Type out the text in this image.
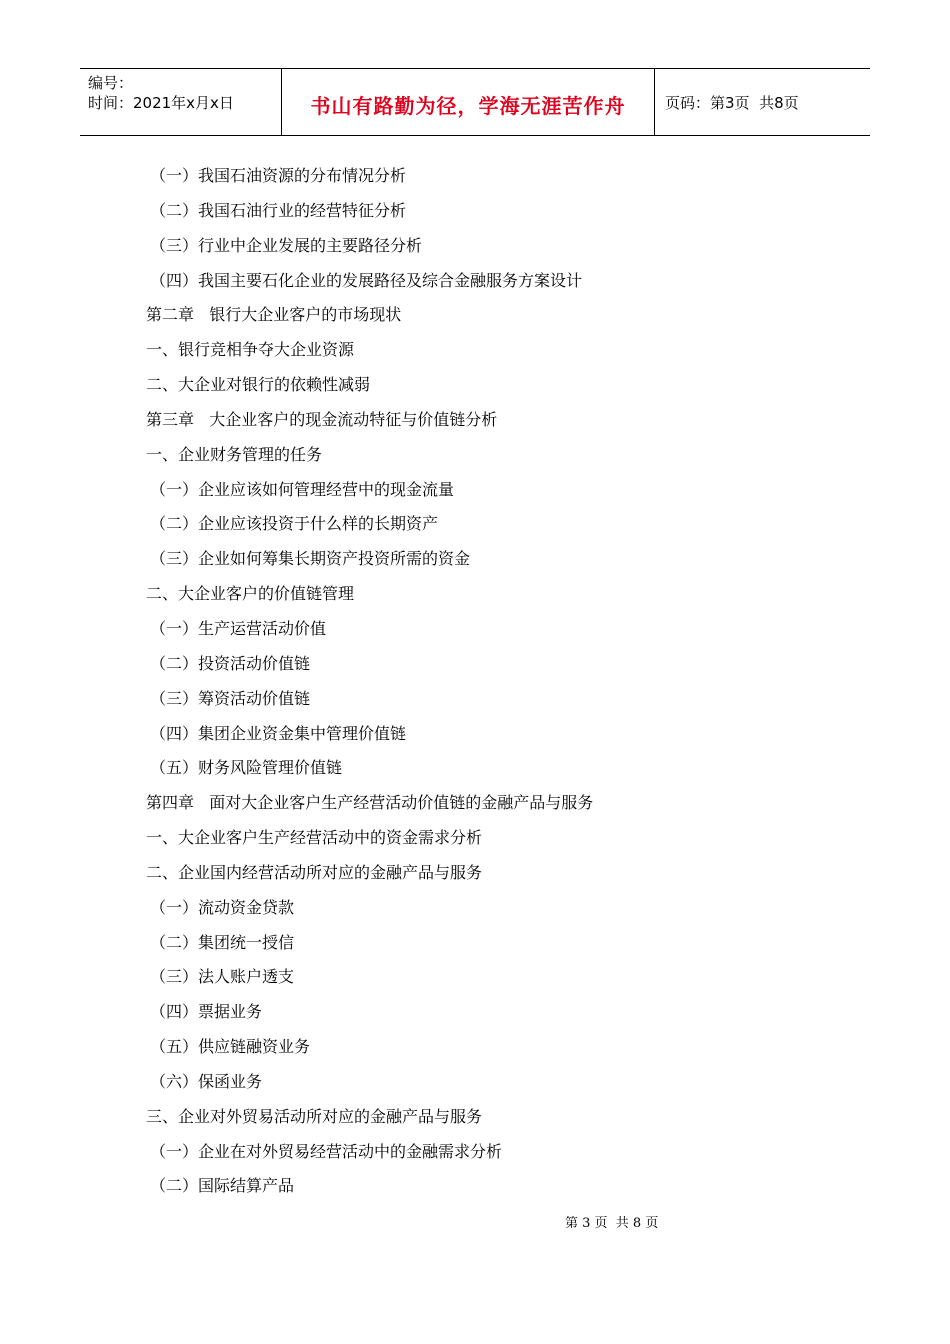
编号：
时间：2021年x月x日	书山有路勤为径，学海无涯苦作舟	页码：第3页  共8页
（一）我国石油资源的分布情况分析
（二）我国石油行业的经营特征分析
（三）行业中企业发展的主要路径分析
（四）我国主要石化企业的发展路径及综合金融服务方案设计
第二章   银行大企业客户的市场现状
一、银行竞相争夺大企业资源
二、大企业对银行的依赖性减弱
第三章   大企业客户的现金流动特征与价值链分析
一、企业财务管理的任务
（一）企业应该如何管理经营中的现金流量
（二）企业应该投资于什么样的长期资产
（三）企业如何筹集长期资产投资所需的资金
二、大企业客户的价值链管理
（一）生产运营活动价值
（二）投资活动价值链
（三）筹资活动价值链
（四）集团企业资金集中管理价值链
（五）财务风险管理价值链
第四章   面对大企业客户生产经营活动价值链的金融产品与服务
一、大企业客户生产经营活动中的资金需求分析
二、企业国内经营活动所对应的金融产品与服务
（一）流动资金贷款
（二）集团统一授信
（三）法人账户透支
（四）票据业务
（五）供应链融资业务
（六）保函业务
三、企业对外贸易活动所对应的金融产品与服务
（一）企业在对外贸易经营活动中的金融需求分析
（二）国际结算产品
第 3 页  共 8 页
